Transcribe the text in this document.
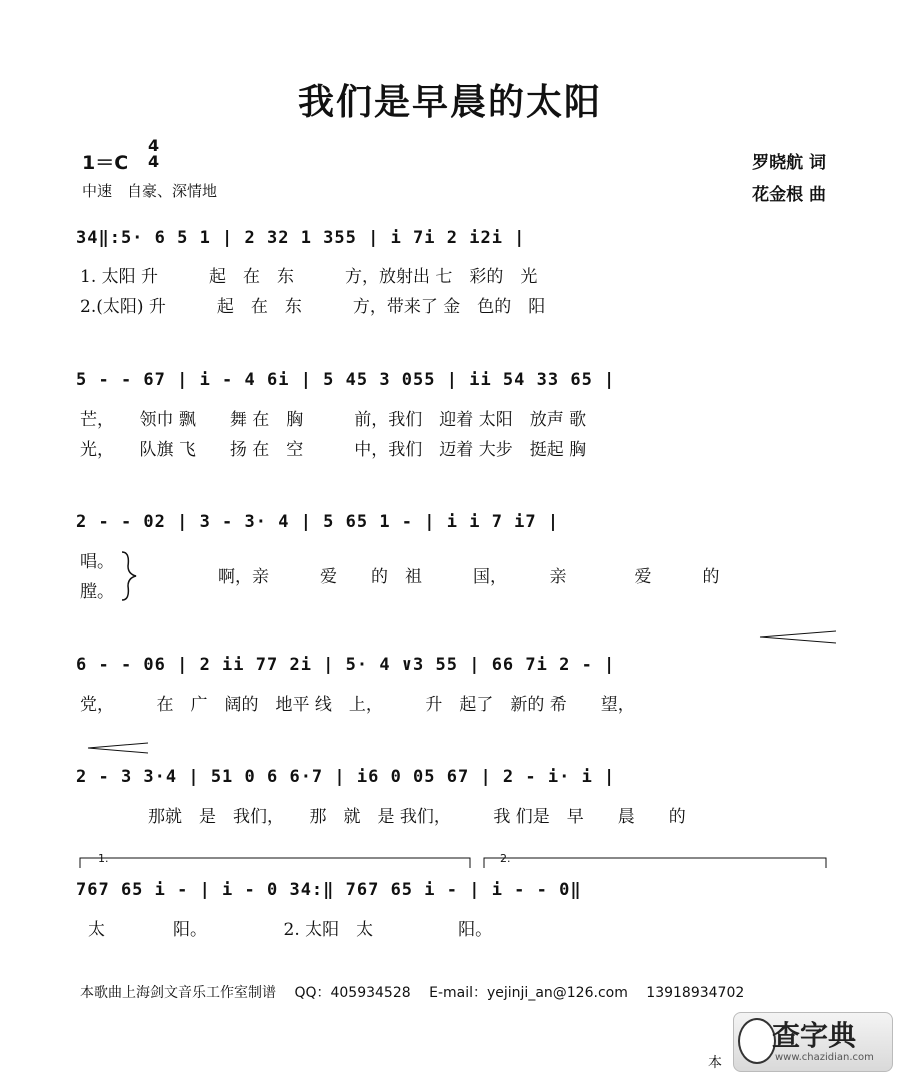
我们是早晨的太阳
1＝C
4
4
中速　自豪、深情地
罗晓航 词
花金根 曲
34‖:5· 6 5 1 | 2 32 1 355 | i 7i 2 i2i |
1. 太阳 升　　　起　在　东　　　方，放射出 七　彩的　光
2.(太阳) 升　　　起　在　东　　　方，带来了 金　色的　阳
5 - - 67 | i - 4 6i | 5 45 3 055 | ii 54 33 65 |
芒，　　领巾 飘　　舞 在　胸　　　前，我们　迎着 太阳　放声 歌
光，　　队旗 飞　　扬 在　空　　　中，我们　迈着 大步　挺起 胸
2 - - 02 | 3 - 3· 4 | 5 65 1 - | i i 7 i7 |
唱。
膛。
啊，亲　　　爱　　的　祖　　　国，　　　亲　　　　爱　　　的
6 - - 06 | 2 ii 77 2i | 5· 4 ∨3 55 | 66 7i 2 - |
党，　　　在　广　阔的　地平 线　上，　　　升　起了　新的 希　　望，
2 - 3 3·4 | 51 0 6 6·7 | i6 0 05 67 | 2 - i· i |
那就　是　我们，　　那　就　是 我们，　　　我 们是　早　　晨　　的
1.	2.
767 65 i - | i - 0 34:‖ 767 65 i - | i - - 0‖
太　　　　阳。　　　　　2. 太阳　太　　　　　阳。
本歌曲上海剑文音乐工作室制谱　 QQ：405934528　 E-mail：yejinji_an@126.com　 13918934702
本
查字典
www.chazidian.com
